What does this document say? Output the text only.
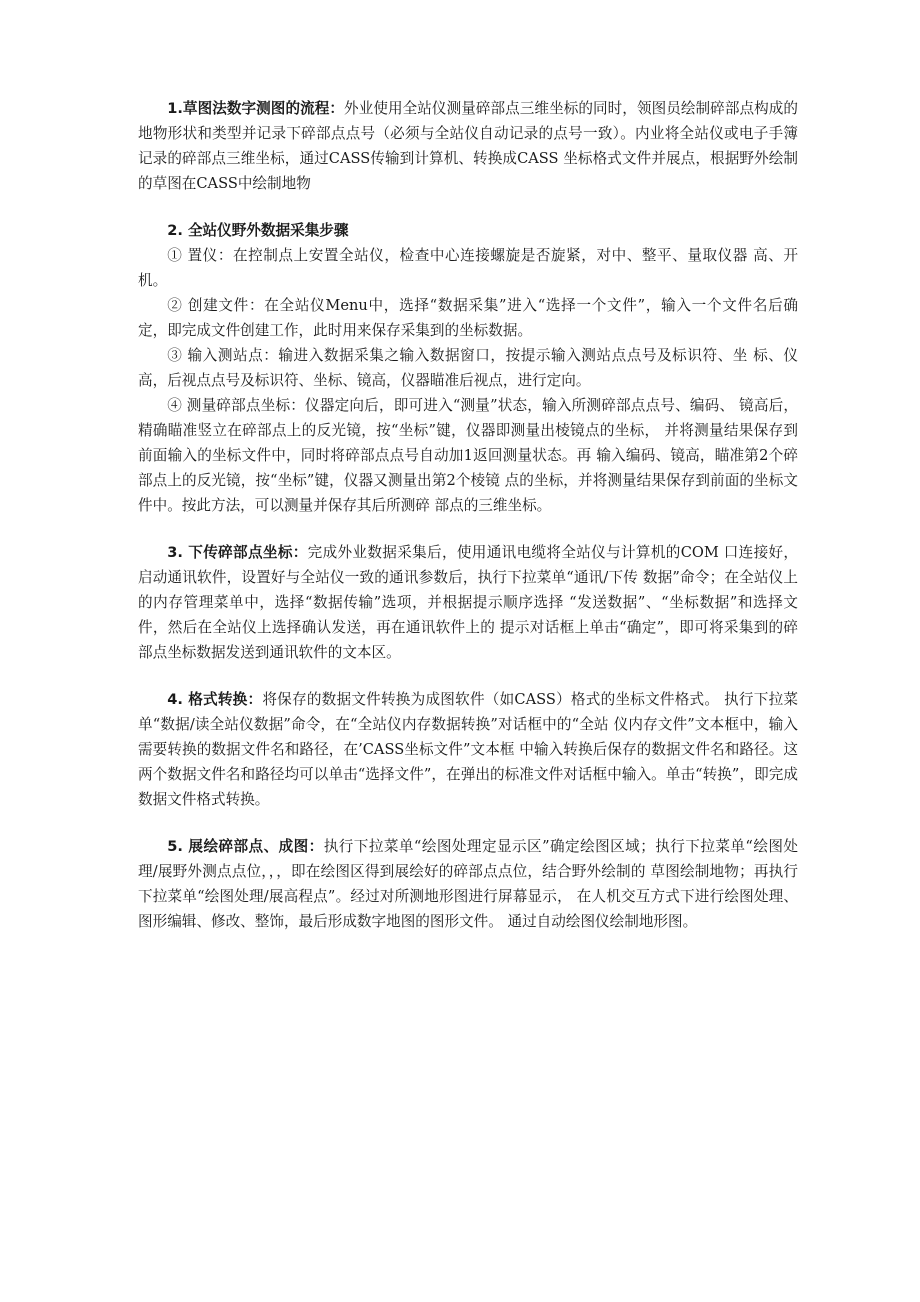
1.草图法数字测图的流程：外业使用全站仪测量碎部点三维坐标的同时，领图员绘制碎部点构成的地物形状和类型并记录下碎部点点号（必须与全站仪自动记录的点号一致）。内业将全站仪或电子手簿记录的碎部点三维坐标，通过CASS传输到计算机、转换成CASS 坐标格式文件并展点，根据野外绘制的草图在CASS中绘制地物

2. 全站仪野外数据采集步骤

① 置仪：在控制点上安置全站仪，检查中心连接螺旋是否旋紧，对中、整平、量取仪器 高、开机。

② 创建文件：在全站仪Menu中，选择“数据采集”进入“选择一个文件”，输入一个文件名后确定，即完成文件创建工作，此时用来保存采集到的坐标数据。

③ 输入测站点：输进入数据采集之输入数据窗口，按提示输入测站点点号及标识符、坐 标、仪高，后视点点号及标识符、坐标、镜高，仪器瞄准后视点，进行定向。

④ 测量碎部点坐标：仪器定向后，即可进入“测量”状态，输入所测碎部点点号、编码、 镜高后，精确瞄准竖立在碎部点上的反光镜，按“坐标”键，仪器即测量出棱镜点的坐标， 并将测量结果保存到前面输入的坐标文件中，同时将碎部点点号自动加1返回测量状态。再 输入编码、镜高，瞄准第2个碎部点上的反光镜，按“坐标”键，仪器又测量出第2个棱镜 点的坐标，并将测量结果保存到前面的坐标文件中。按此方法，可以测量并保存其后所测碎 部点的三维坐标。

3. 下传碎部点坐标：完成外业数据采集后，使用通讯电缆将全站仪与计算机的COM 口连接好，启动通讯软件，设置好与全站仪一致的通讯参数后，执行下拉菜单“通讯/下传 数据”命令；在全站仪上的内存管理菜单中，选择“数据传输”选项，并根据提示顺序选择 “发送数据”、“坐标数据”和选择文件，然后在全站仪上选择确认发送，再在通讯软件上的 提示对话框上单击“确定”，即可将采集到的碎部点坐标数据发送到通讯软件的文本区。

4. 格式转换：将保存的数据文件转换为成图软件（如CASS）格式的坐标文件格式。 执行下拉菜单“数据/读全站仪数据”命令，在“全站仪内存数据转换”对话框中的“全站 仪内存文件”文本框中，输入需要转换的数据文件名和路径，在’CASS坐标文件”文本框 中输入转换后保存的数据文件名和路径。这两个数据文件名和路径均可以单击“选择文件”，在弹出的标准文件对话框中输入。单击“转换”，即完成数据文件格式转换。

5. 展绘碎部点、成图：执行下拉菜单“绘图处理定显示区”确定绘图区域；执行下拉菜单“绘图处理/展野外测点点位，，，即在绘图区得到展绘好的碎部点点位，结合野外绘制的 草图绘制地物；再执行下拉菜单“绘图处理/展高程点”。经过对所测地形图进行屏幕显示， 在人机交互方式下进行绘图处理、图形编辑、修改、整饰，最后形成数字地图的图形文件。 通过自动绘图仪绘制地形图。
